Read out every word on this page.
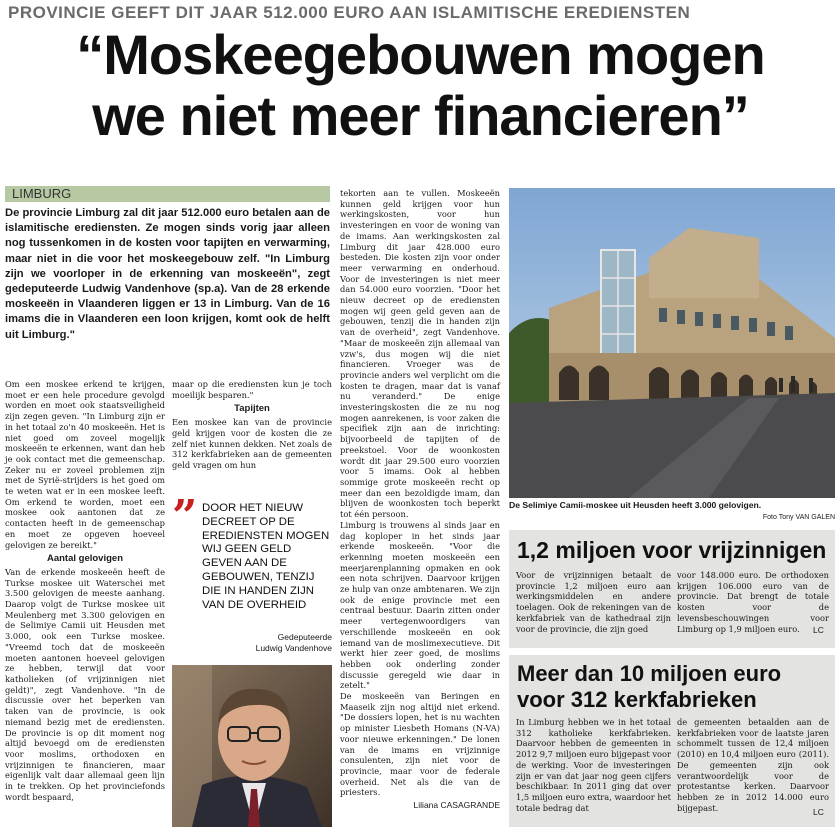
PROVINCIE GEEFT DIT JAAR 512.000 EURO AAN ISLAMITISCHE EREDIENSTEN
“Moskeegebouwen mogen
we niet meer financieren”
LIMBURG
De provincie Limburg zal dit jaar 512.000 euro betalen aan de islamitische erediensten. Ze mogen sinds vorig jaar alleen nog tussenkomen in de kosten voor tapijten en verwarming, maar niet in die voor het moskeegebouw zelf. "In Limburg zijn we voorloper in de erkenning van moskeeën", zegt gedeputeerde Ludwig Vandenhove (sp.a). Van de 28 erkende moskeeën in Vlaanderen liggen er 13 in Limburg. Van de 16 imams die in Vlaanderen een loon krijgen, komt ook de helft uit Limburg."

Om een moskee erkend te krijgen, moet er een hele procedure gevolgd worden en moet ook staatsveiligheid zijn zegen geven. "In Limburg zijn er in het totaal zo'n 40 moskeeën. Het is niet goed om zoveel mogelijk moskeeën te erkennen, want dan heb je ook contact met die gemeenschap. Zeker nu er zoveel problemen zijn met de Syrië-strijders is het goed om te weten wat er in een moskee leeft. Om erkend te worden, moet een moskee ook aantonen dat ze contacten heeft in de gemeenschap en moet ze opgeven hoeveel gelovigen ze bereikt."

Aantal gelovigen

Van de erkende moskeeën heeft de Turkse moskee uit Waterschei met 3.500 gelovigen de meeste aanhang. Daarop volgt de Turkse moskee uit Meulenberg met 3.300 gelovigen en de Selimiye Camii uit Heusden met 3.000, ook een Turkse moskee. "Vreemd toch dat de moskeeën moeten aantonen hoeveel gelovigen ze hebben, terwijl dat voor katholieken (of vrijzinnigen niet geldt)", zegt Vandenhove. "In de discussie over het beperken van taken van de provincie, is ook niemand bezig met de erediensten. De provincie is op dit moment nog altijd bevoegd om de erediensten voor moslims, orthodoxen en vrijzinnigen te financieren, maar eigenlijk valt daar allemaal geen lijn in te trekken. Op het provinciefonds wordt bespaard,

maar op die erediensten kun je toch moeilijk besparen."

Tapijten

Een moskee kan van de provincie geld krijgen voor de kosten die ze zelf niet kunnen dekken. Net zoals de 312 kerkfabrieken aan de gemeenten geld vragen om hun

” DOOR HET NIEUW DECREET OP DE EREDIENSTEN MOGEN WIJ GEEN GELD GEVEN AAN DE GEBOUWEN, TENZIJ DIE IN HANDEN ZIJN VAN DE OVERHEID
Gedeputeerde
Ludwig Vandenhove

tekorten aan te vullen. Moskeeën kunnen geld krijgen voor hun werkingskosten, voor hun investeringen en voor de woning van de imams. Aan werkingskosten zal Limburg dit jaar 428.000 euro besteden. Die kosten zijn voor onder meer verwarming en onderhoud. Voor de investeringen is niet meer dan 54.000 euro voorzien. "Door het nieuw decreet op de erediensten mogen wij geen geld geven aan de gebouwen, tenzij die in handen zijn van de overheid", zegt Vandenhove. "Maar de moskeeën zijn allemaal van vzw's, dus mogen wij die niet financieren. Vroeger was de provincie anders wel verplicht om die kosten te dragen, maar dat is vanaf nu veranderd." De enige investeringskosten die ze nu nog mogen aanrekenen, is voor zaken die specifiek zijn aan de inrichting: bijvoorbeeld de tapijten of de preekstoel. Voor de woonkosten wordt dit jaar 29.500 euro voorzien voor 5 imams. Ook al hebben sommige grote moskeeën recht op meer dan een bezoldigde imam, dan blijven de woonkosten toch beperkt tot één persoon.

Limburg is trouwens al sinds jaar en dag koploper in het sinds jaar erkende moskeeën. "Voor die erkenning moeten moskeeën een meerjarenplanning opmaken en ook een nota schrijven. Daarvoor krijgen ze hulp van onze ambtenaren. We zijn ook de enige provincie met een centraal bestuur. Daarin zitten onder meer vertegenwoordigers van verschillende moskeeën en ook iemand van de moslimexecutieve. Dit werkt hier zeer goed, de moslims hebben ook onderling zonder discussie geregeld wie daar in zetelt."

De moskeeën van Beringen en Maaseik zijn nog altijd niet erkend. "De dossiers lopen, het is nu wachten op minister Liesbeth Homans (N-VA) voor nieuwe erkenningen." De lonen van de imams en vrijzinnige consulenten, zijn niet voor de provincie, maar voor de federale overheid. Net als die van de priesters.

Liliana CASAGRANDE
De Selimiye Camii-moskee uit Heusden heeft 3.000 gelovigen.
Foto Tony VAN GALEN
1,2 miljoen voor vrijzinnigen
Voor de vrijzinnigen betaalt de provincie 1,2 miljoen euro aan werkingsmiddelen en andere toelagen. Ook de rekeningen van de kerkfabriek van de kathedraal zijn voor de provincie, die zijn goed
voor 148.000 euro. De orthodoxen krijgen 106.000 euro van de provincie. Dat brengt de totale kosten voor de levensbeschouwingen voor Limburg op 1,9 miljoen euro.	LC
Meer dan 10 miljoen euro
voor 312 kerkfabrieken
In Limburg hebben we in het totaal 312 katholieke kerkfabrieken. Daarvoor hebben de gemeenten in 2012 9,7 miljoen euro bijgepast voor de werking. Voor de investeringen zijn er van dat jaar nog geen cijfers beschikbaar. In 2011 ging dat over 1,5 miljoen euro extra, waardoor het totale bedrag dat
de gemeenten betaalden aan de kerkfabrieken voor de laatste jaren schommelt tussen de 12,4 miljoen (2010) en 10,4 miljoen euro (2011). De gemeenten zijn ook verantwoordelijk voor de protestantse kerken. Daarvoor hebben ze in 2012 14.000 euro bijgepast.	LC
